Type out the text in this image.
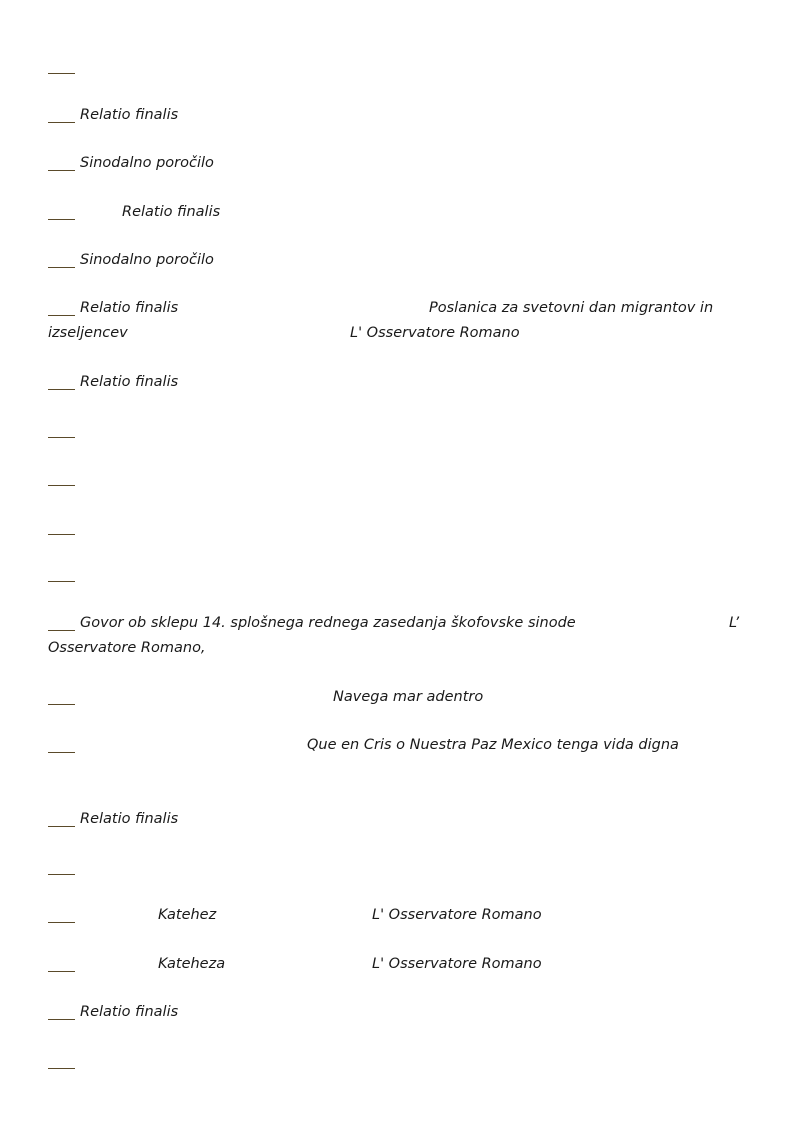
Relatio finalis
Sinodalno poročilo
Relatio finalis
Sinodalno poročilo
Relatio finalis	Poslanica za svetovni dan migrantov in
izseljencev	L' Osservatore Romano
Relatio finalis
Govor ob sklepu 14. splošnega rednega zasedanja škofovske sinode	L’
Osservatore Romano,
Navega mar adentro
Que en Cris o Nuestra Paz Mexico tenga vida digna
Relatio finalis
Katehez	L' Osservatore Romano
Kateheza	L' Osservatore Romano
Relatio finalis
